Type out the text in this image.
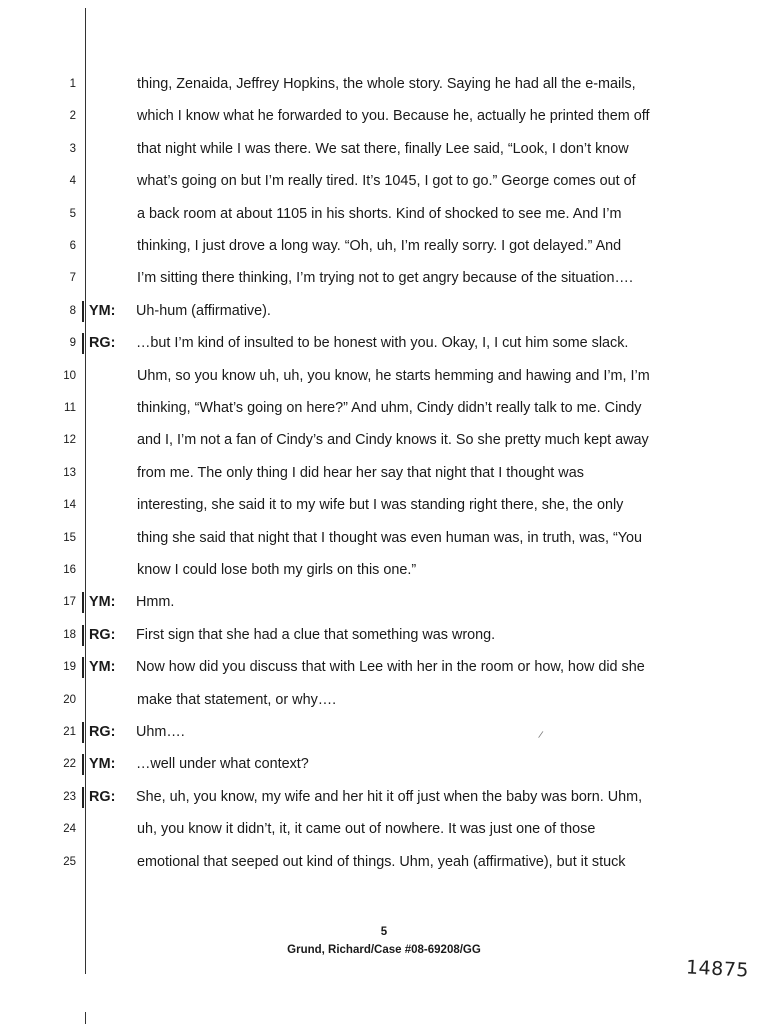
1	thing, Zenaida, Jeffrey Hopkins, the whole story. Saying he had all the e-mails,
2	which I know what he forwarded to you. Because he, actually he printed them off
3	that night while I was there. We sat there, finally Lee said, “Look, I don’t know
4	what’s going on but I’m really tired. It’s 1045, I got to go.” George comes out of
5	a back room at about 1105 in his shorts. Kind of shocked to see me. And I’m
6	thinking, I just drove a long way. “Oh, uh, I’m really sorry. I got delayed.” And
7	I’m sitting there thinking, I’m trying not to get angry because of the situation….
8 YM: Uh-hum (affirmative).
9 RG: …but I’m kind of insulted to be honest with you. Okay, I, I cut him some slack.
10	Uhm, so you know uh, uh, you know, he starts hemming and hawing and I’m, I’m
11	thinking, “What’s going on here?” And uhm, Cindy didn’t really talk to me. Cindy
12	and I, I’m not a fan of Cindy’s and Cindy knows it. So she pretty much kept away
13	from me. The only thing I did hear her say that night that I thought was
14	interesting, she said it to my wife but I was standing right there, she, the only
15	thing she said that night that I thought was even human was, in truth, was, “You
16	know I could lose both my girls on this one.”
17 YM: Hmm.
18 RG: First sign that she had a clue that something was wrong.
19 YM: Now how did you discuss that with Lee with her in the room or how, how did she
20	make that statement, or why….
21 RG: Uhm….
22 YM: …well under what context?
23 RG: She, uh, you know, my wife and her hit it off just when the baby was born. Uhm,
24	uh, you know it didn’t, it, it came out of nowhere. It was just one of those
25	emotional that seeped out kind of things. Uhm, yeah (affirmative), but it stuck
/
5
Grund, Richard/Case #08-69208/GG
14875
